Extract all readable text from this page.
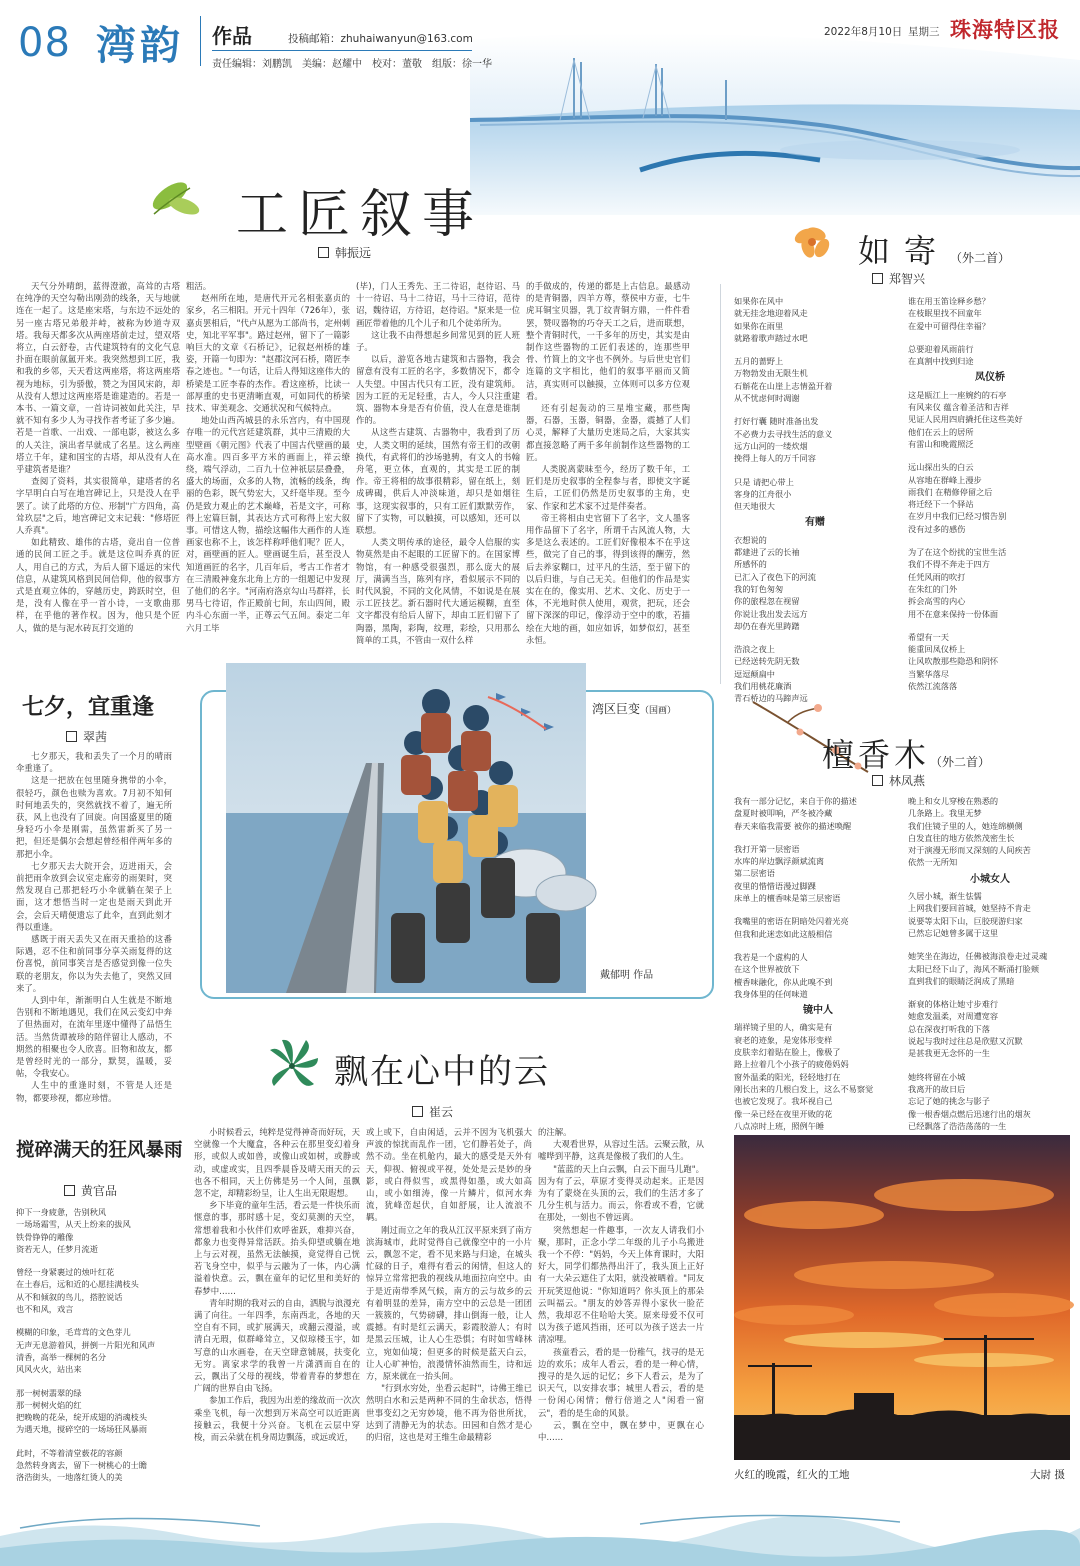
08 湾韵 作品	投稿邮箱：zhuhaiwanyun@163.com
责任编辑：刘鹏凯　美编：赵耀中　校对：董敬　组版：徐一华
2022年8月10日 星期三 珠海特区报
工匠叙事
韩振远

天气分外晴朗，蓝得澄澈，高耸的古塔在纯净的天空勾勒出刚劲的线条，天与地就连在一起了。这是座宋塔，与东边不远处的另一座古塔兄弟般并峙，被称为妙道寺双塔。我每天都多次从两座塔前走过，望双塔将立，白云舒卷，古代建筑特有的文化气息扑面在眼前氤氲开来。我突然想到工匠，我和我的乡邻，天天看这两座塔，将这两座塔视为地标，引为骄傲，赞之为国风宋韵，却从没有人想过这两座塔是谁建造的。若是一本书、一篇文章，一首诗词被如此关注，早就不知有多少人为寻找作者考证了多少遍。若是一首歌、一出戏、一部电影，被这么多的人关注，演出者早就成了名星。这么两座塔立千年，建和国宝的古塔，却从没有人在乎建筑者是谁？

查阅了资料，其实很简单，建塔者的名字早明白白写在地宫碑记上，只是没人在乎罢了。读了此塔的方位、形制"广方四角，高耸玖层"之后，地宫碑记文末记载："修塔匠人乔真"。

如此精致、雄伟的古塔，竟出自一位普通的民间工匠之手。就是这位叫乔真的匠人，用自己的方式，为后人留下遥远的宋代信息，从建筑风格到民间信仰，他的叙事方式是直观立体的，穿越历史，跨跃时空，但是，没有人像在乎一首小诗，一支歌曲那样，在乎他的著作权。因为，他只是个匠人，做的是与泥水砖瓦打交道的

粗活。

赵州所在地，是唐代开元名相张嘉贞的家乡，名三相阳。开元十四年（726年），张嘉贞罢相后，"代卢从愿为工部尚书，定州刺史，知北平军事"。路过赵州，留下了一篇影响巨大的文章《石桥记》，记叙赵州桥的雄姿，开篇一句即为："赵郡汶河石桥，隋匠李春之迹也。"一句话，让后人得知这座伟大的桥梁是工匠李春的杰作。看这座桥，比读一部厚重的史书更清晰直观，可如同代的桥梁技术、审美观念、交通状况和气候特点。

地处山西芮城县的永乐宫内，有中国现存唯一的元代宫廷建筑群，其中三清殿的大型壁画《朝元图》代表了中国古代壁画的最高水准。四百多平方米的画面上，祥云缭绕，端气浮动，二百九十位神祇层层叠叠，盛大的场面，众多的人物，流畅的线条，绚丽的色彩，既气势宏大，又纤毫毕现。至今仍是致力观止的艺术巅峰，若是文字，可称得上宏篇巨制，其表达方式可称得上宏大叙事。可惜这人物，描绘这幅伟大画作的人连画家也称不上，该怎样称呼他们呢？匠人，对，画壁画的匠人。壁画诞生后，甚至没人知道画匠的名字，几百年后，考古工作者才在三清殿神龛东北角上方的一组题记中发现了他们的名字。"河南府洛京勾山马群祥，长男马七待诏，作正殿前七间，东山四间，殿内斗心东面一半，正尊云气五间。泰定二年六月工毕

(毕)，门人王秀先、王二待诏，赵待诏、马十一待诏、马十二待诏，马十三待诏，范待诏，魏待诏，方待诏，赵待诏。"原来是一位画匠带着他的几个儿子和几个徒弟所为。

这让我不由得想起乡间常见到的匠人班子。

以后，游览各地古建筑和古器物，我会留意有没有工匠的名字，多数情况下，都令人失望。中国古代只有工匠，没有建筑师。因为工匠的无足轻重，古人，今人只注重建筑、器物本身是否有价值，没人在意是谁制作的。

从这些古建筑、古器物中，我看到了历史，人类文明的延续，国然有帝王们的改朝换代，有武将们的沙场驰骋，有文人的书翰舟笔，更立体，直观的，其实是工匠的制作。帝王将相的故事很精彩，留在纸上，刻成碑碣，供后人冲淡味道，却只是如烟往事，这现实叙事的，只有工匠们默默劳作，留下了实物，可以触摸，可以感知，还可以联想。

人类文明传承的途径，最令人信服的实物莫然是由不起眼的工匠留下的。在国家博物馆，有一种感受很强烈，那么庞大的展厅，满满当当，陈列有序，看似展示不同的时代风貌，不同的文化风情，不如说是在展示工匠技艺。新石器时代大通运模糊，直至文字都没有给后人留下，却由工匠们留下了陶器，黑陶，彩陶，纹理，彩绘，只用那么简单的工具，不管由一双什么样

的手做成的，传递的都是上古信息。最感动的是青铜器，四羊方尊，蔡侯申方壶，七牛虎耳铜宝贝器，乳丁纹青铜方鼎，一件件看罢，赞叹器物的巧夺天工之后，进而联想，整个青铜时代，一千多年的历史，其实是由制作这些器物的工匠们表述的，连那些甲骨、竹简上的文字也不例外。与后世史官们连篇的文字相比，他们的叙事平丽而又简洁，真实则可以触摸，立体则可以多方位观看。

还有引起轰动的三星堆宝藏，那些陶器，石器，玉器，铜器，金器，震撼了人们心灵，解释了大量历史迷局之后，大家其实都直接忽略了两千多年前制作这些器物的工匠。

人类脱离蒙昧至今，经历了数千年，工匠们是历史叙事的全程参与者，即使文字诞生后，工匠们仍然是历史叙事的主角，史家、作家和艺术家不过是伴奏者。

帝王将相由史官留下了名字，文人墨客用作品留下了名字，所谓千古风流人物，大多是这么表述的。工匠们好像根本不在乎这些，做完了自己的事，得到该得的酬劳，然后去养家糊口，过平凡的生活，至于留下的以后归谁，与自己无关。但他们的作品是实实在在的，像实用、艺术、文化、历史于一体，不光地时供人使用，观赏，把玩，还会留下深深的印记，像浮动于空中的歌，若描绘在大地的画，如应如诉，如梦似幻，甚至永恒。

如寄（外二首）
郑智兴
如果你在风中
就无挂念地迎着风走
如果你在雨里
就路着歌声踏过水吧
五月的蔷野上
万物勃发由无限生机
石斛花在山崖上志情盈开着
从不忧虑何时凋谢
打好行囊 随时准备出发
不必费力去寻找生活的意义
远方山河的一缕炊烟
挽得上每人的万千同容
只是 请把心带上
客身的江舟很小
但天地很大
有赠
衣想说的
都建进了云的长袖
所感怀的
已汇入了夜色下的河流
我的钉色匆匆
你的旅程忽在视留
你说让我出发去远方
却仍在春光里踌躇
浩浪之夜上
已经送转先阴无数
逗逗颠扁中
我们用桃花廉酒
青石桥边的马蹄声远
谁在用玉笛诠释乡愁？
在枝眠里找不回童年
在爱中可留得住幸福？
总要迎着风雨前行
在真割中找到归途
凤仪桥
这是瓯江上一座婉约的石亭
有风来仪 蕴含着圣洁和吉祥
见证人民用四肩撬托住这些美好
他们在云上的居所
有雷山和晚霞照泛
远山探出头的白云
从容地在群峰上漫步
雨我们 在精修停留之后
将迁经下一个驿站
在岁月中我们已经习惯告别
没有过多的感伤
为了在这个纷扰的宝世生活
我们不得不奔走于四方
任凭风雨的吹打
在朱红的门外
拆会高雪的内心
用不在意来保持一份体面
希望有一天
能重回凤仪桥上
让风吹散那些隐恐和阴怀
当繁华落尽
依然江流落落
七夕，宜重逢
翠茜

七夕那天，我和丢失了一个月的晴雨伞重逢了。

这是一把放在包里随身携带的小伞，很轻巧，颜色也赎为喜欢。7月初不知何时何地丢失的，突然就找不着了，遍无所获，风上也没有了回旋。向国盛夏里的随身轻巧小伞是刚需，虽然雷新买了另一把，但还是偶尔会想起曾经相伴两年多的那把小伞。

七夕那天去大院开会，迈进雨天，会前把雨伞放到会议室走廊旁的雨架时，突然发现自己那把轻巧小伞就躺在架子上面，这才想悟当时一定也是雨天到此开会，会后天晴便遗忘了此伞，直到此刻才得以重逢。

感既于雨天丢失又在雨天重拾的这番际遇，忍不住和前同事分享关雨复得的这份喜悦，前同事笑言是否感觉到像一位失联的老朋友，你以为失去他了，突然又回来了。

人到中年，渐渐明白人生就是不断地告别和不断地遇见，我们在风云变幻中奔了但热面对，在流年里逐中懂得了品悟生活。当然货谭被珍的陪伴留让人感动，不期然的相聚也令人欣喜。旧物和故友，都是曾经时光的一部分，默契，温暖，妥帖，令我安心。

人生中的重逢时刻，不管是人还是物，都要珍视，都应珍惜。

湾区巨变（国画）
戴郁明 作品
檀香木（外二首）
林凤燕
我有一部分记忆，来自于你的描述
盘夏时被叩响，严冬被冷藏
春天来临我需要 被你的描述唤醒
我打开第一层密语
水库的岸边飘浮颜斌流离
第二层密语
夜里的惜惜语漫过脚踝
床单上的檀香味是第三层密语
我嘴里的密语在阴暗处闪着光亮
但我和此迷恋如此这般相信
我若是一个虚构的人
在这个世界被放下
檀香味融化，你从此嗅不到
我身体里的任何味道
镜中人
瑞祥镜子里的人，确实是有
衰老的迹象，是宠体形变样
皮肤幸幻着貼在脸上，像极了
路上拉着几个小孩子的疲倦妈妈
窗外温柔的阳光，轻轻地打在
刚长出来的几根白发上，这么不易察觉
也被它发现了。我坏视自己
像一朵已经在夜里开败的花
八点凉时上班，照例午睡
晚上和女儿穿梭在熟悉的
几条路上。我里无梦
我们住镜子里的人，她连绵横侧
白发直往的地方依然茂密生长
对于演漫无形而又深刻的人间疾苦
依然一无所知
小城女人
久居小城，渐生怯懦
上网我们要回首城，她坚持不肯走
说要等太阳下山，巨胶现游归家
已然忘记她曾多属于这里
她笑坐在海边，任佛被海浪卷走过灵魂
太阳已经下山了，海风不断涌打脸颊
直到我们的眼睛泛润成了黑暗
渐衰的体格让她寸步难行
她愈发温柔，对周遭宽容
总在深夜打听我的下落
说起与我时过往总是欣慰又沉默
是甚我更无念怀的一生
她终将留在小城
我离开的故日后
忘记了她的挑念与影子
像一根香烟点燃后迅速行出的烟灰
已经飘落了浩浩荡荡的一生
搅碎满天的狂风暴雨
黄官品
抑下一身疲惫，告别秋风
一场场霜雪，从天上纷来的拔风
铁骨铮铮的雕像
资若无人，任梦月流逝
曾经一身紧裹过的烛叶红花
在土春后，远和近的心愿挂满枝头
从不和倾叙的鸟儿，搭腔说话
也不和风，戏言
模糊的印象，毛茸茸的文色芽儿
无声无息游着风，拼倒一片阳光和风声
清香，高举一棵树的名分
风风火火，站出来
那一树树翡翠的绿
那一树树火焰的红
把晚晚的花朵，绽开成翅的消魂枝头
为遇天地，搅碎空的一场场狂风暴雨
此时，不等着清堂薮花的容颜
急然转身离去，留下一树桃心的士瞻
洛浩街头，一地落红烫人的美
飘在心中的云
崔云

小时候看云，纯粹是觉得神奇而好玩，天空就像一个大魔盒，各种云在那里变幻着身形，或似人或如兽，或像山或如树，或静或动，或虚或实，且四季晨昏及晴天雨天的云也各不相同，天上仿佛是另一个人间，虽飘忽不定，却精彩纷呈，让人生出无限遐想。

乡下毕竟的童年生活，看云是一件快乐而惬意的事，那时感十足，变幻莫测的天空，常想着我和小伙伴们欢呼雀跃，难抑兴奋，都象力也变得异常活跃。抬头仰望或躺在地上与云对视，虽然无法触摸，竟觉得自己恍若飞身空中，似乎与云融为了一体，内心满溢着快意。云，飘在童年的记忆里和美好的春梦中……

青年时期的我对云的自由，洒脱与浪漫充满了向往。一年四季，东南西北，各地的天空自有不同，或扩展满天，或翻云漫溢，或清白无瑕，似群峰耸立，又似琼楼玉宇，如写意的山水画卷，在天空肆意铺展，扶变化无穷。离家求学的我曾一片潇洒而自在的云，飘出了父母的视线，带着青春的梦想在广阔的世界自由飞扬。

参加工作后，我因为出差的缘故而一次次乘坐飞机，每一次想到万米高空可以近距离接触云，我便十分兴奋。飞机在云层中穿梭，而云朵就在机身周边飘荡，或远或近，

或上或下，自由闲适，云并不因为飞机强大声波的惊扰而乱作一团，它们静若处子，尚然不动。坐在机舱内，最大的感受是天外有天，仰视、俯视或平视，处处是云是妙的身影，或白得似雪，或黑得如墨，或大如高山，或小如细涛，像一片鳞片，似河水奔流，犹峰峦起伏，自如舒展，让人流浪不羁。

刚过而立之年的我从江汉平原来到了南方滨海城市，此时觉得自己就像空中的一小片云，飘忽不定，看不见来路与归途，在城头忙碌的日子，难得有看云的闲情，但这人的惊异立常常把我的视线从地面拉向空中。由于是近南带季风气候，南方的云与故乡的云有着明显的差异，南方空中的云总是一团团一簇簇的，气势磅礴，排山倒海一般，让人震撼。有时是红云满天，彩霞胶游人；有时是黑云压城，让人心生恐惧；有时如雪峰林立，宛如仙境；但更多的时候是蓝天白云，让人心旷神怡，浪漫情怀油然而生，诗和远方，原来就在一抬头间。

"行到水穷处，坐看云起时"，诗佛王维已然明白水和云是两种不同的生命状态，悟得世事变幻之无穷妙境，他不再为俗世所扰，达到了清静无为的状态。田园和自然才是心的归宿，这也是对王维生命最精彩

的注解。

大观看世界，从容过生活。云聚云散，从嘘哗到平静，这真是像极了我们的人生。

"蓝蓝的天上白云飘，白云下面马儿跑"。因为有了云，草原才变得灵动起来。正是因为有了蒙烧在头顶的云，我们的生活才多了几分生机与活力。而云，你看或不看，它就在那处，一刻也不曾远离。

突然想起一件趣事，一次友人请我们小聚，那时，正念小学二年级的儿子小鸟搬进我一个不停："妈妈，今天上体育课时，大阳好大，同学们都热得出汗了，我头顶上正好有一大朵云遮住了太阳，就没被晒着。"同友开玩笑逗他说："你知道吗？你头顶上的那朵云叫福云。"朋友的妙答弄得小家伙一脸茫然，我却忍不住哈哈大笑。原来母爱不仅可以为孩子遮风挡雨，还可以为孩子送去一片清凉哩。

孩童看云，看的是一份稚气，找寻的是无边的欢乐；成年人看云，看的是一种心情，搜寻的是久远的记忆；乡下人看云，是为了识天气，以安排农事；城里人看云，看的是一份闲心闲情；僧行倍道之人"闲看一窗云"，看的是生命的风景。

云，飘在空中，飘在梦中，更飘在心中……

火红的晚霞，红火的工地	大尉 摄
